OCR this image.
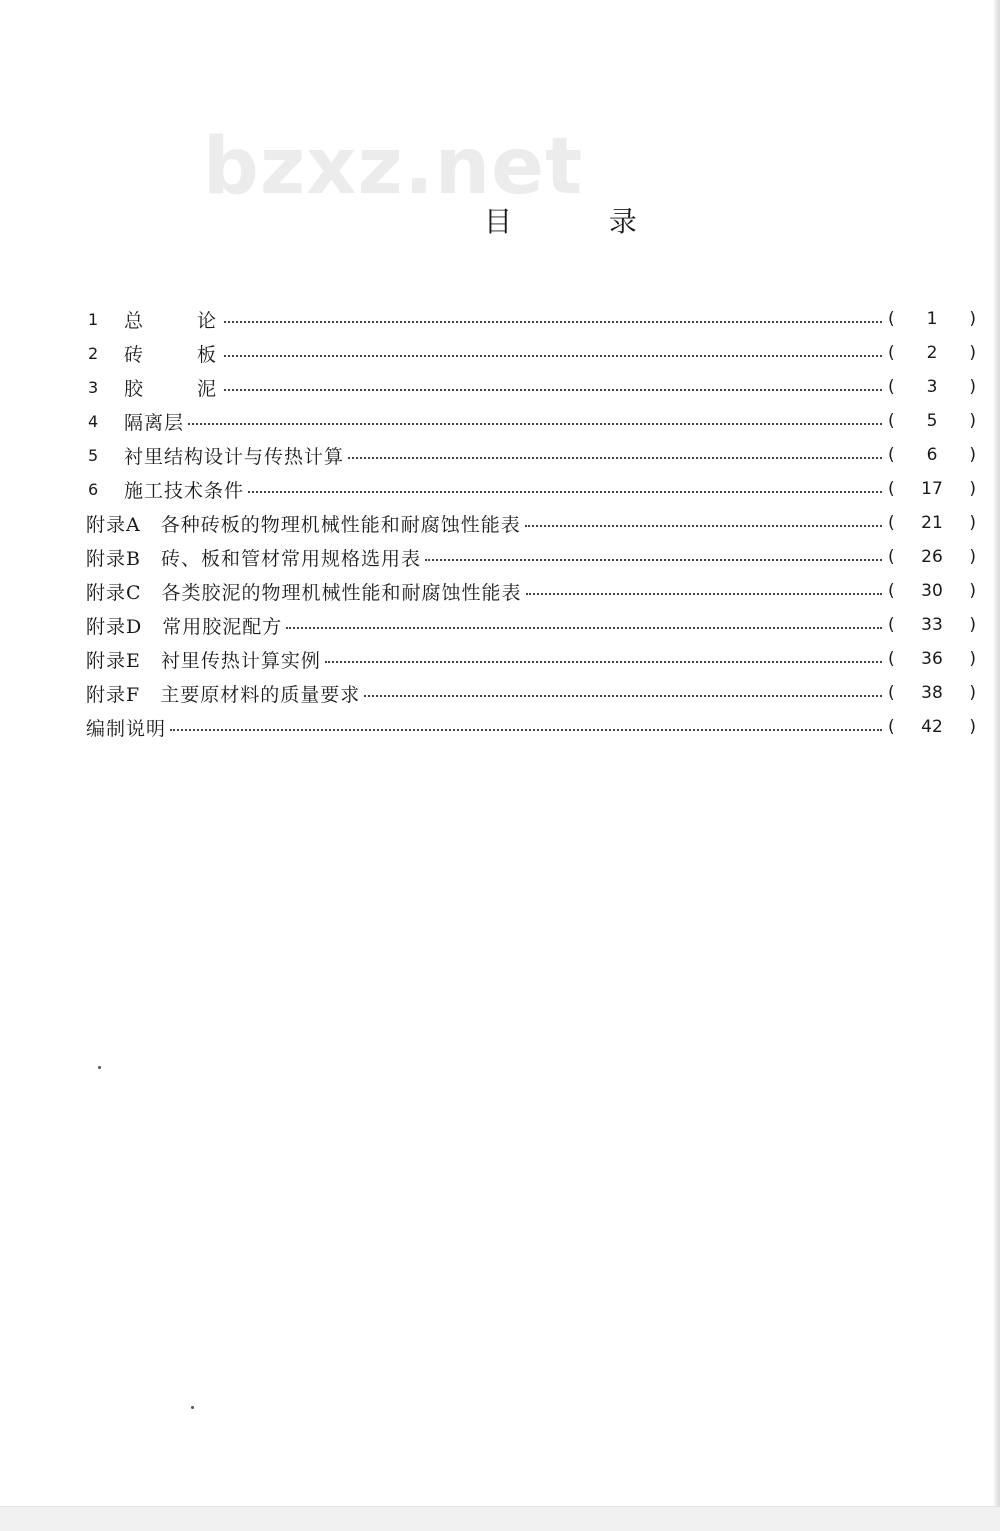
bzxz.net
目 录
1	总 论	(	1	)
2	砖 板	(	2	)
3	胶 泥	(	3	)
4	隔离层	(	5	)
5	衬里结构设计与传热计算	(	6	)
6	施工技术条件	(	17	)
附录A 各种砖板的物理机械性能和耐腐蚀性能表	(	21	)
附录B 砖、板和管材常用规格选用表	(	26	)
附录C 各类胶泥的物理机械性能和耐腐蚀性能表	(	30	)
附录D 常用胶泥配方	(	33	)
附录E 衬里传热计算实例	(	36	)
附录F 主要原材料的质量要求	(	38	)
编制说明	(	42	)
